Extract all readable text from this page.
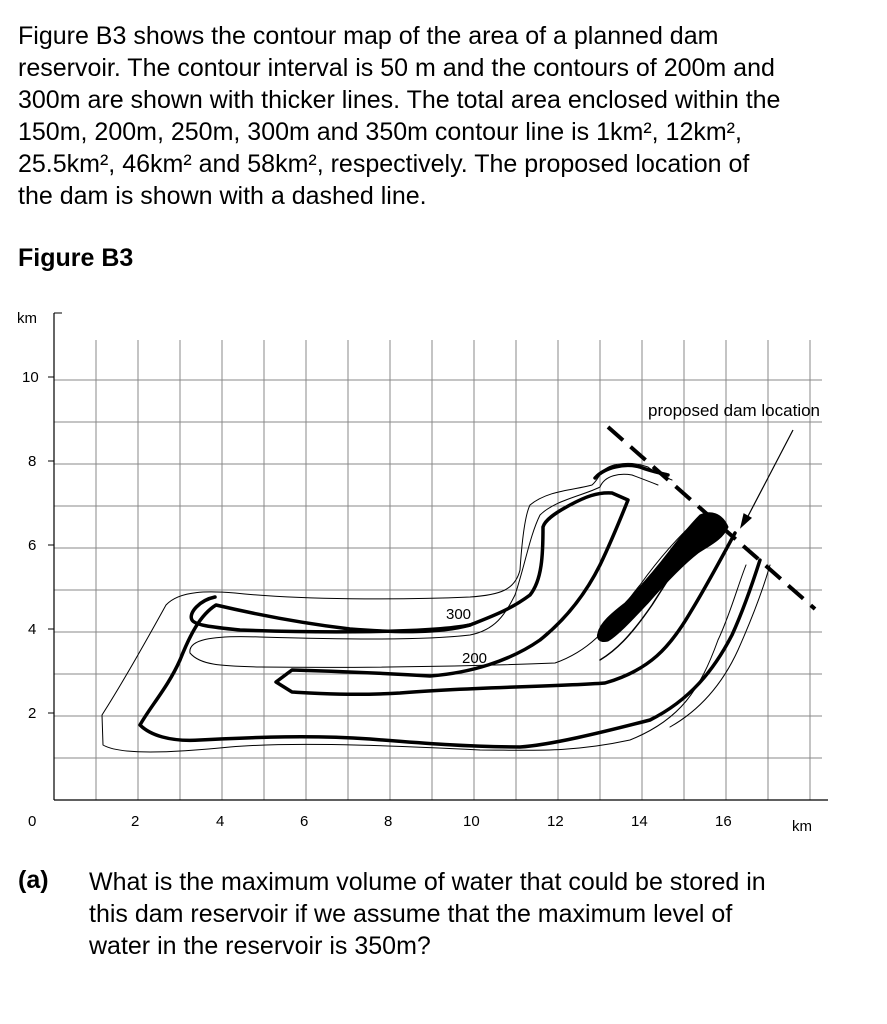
Figure B3 shows the contour map of the area of a planned dam
reservoir. The contour interval is 50 m and the contours of 200m and
300m are shown with thicker lines. The total area enclosed within the
150m, 200m, 250m, 300m and 350m contour line is 1km², 12km²,
25.5km², 46km² and 58km², respectively. The proposed location of
the dam is shown with a dashed line.
Figure B3
km
10
8
6
4
2
0	2	4	6	8	10	12	14	16	km
proposed dam location
300
200
(a) What is the maximum volume of water that could be stored in
this dam reservoir if we assume that the maximum level of
water in the reservoir is 350m?
